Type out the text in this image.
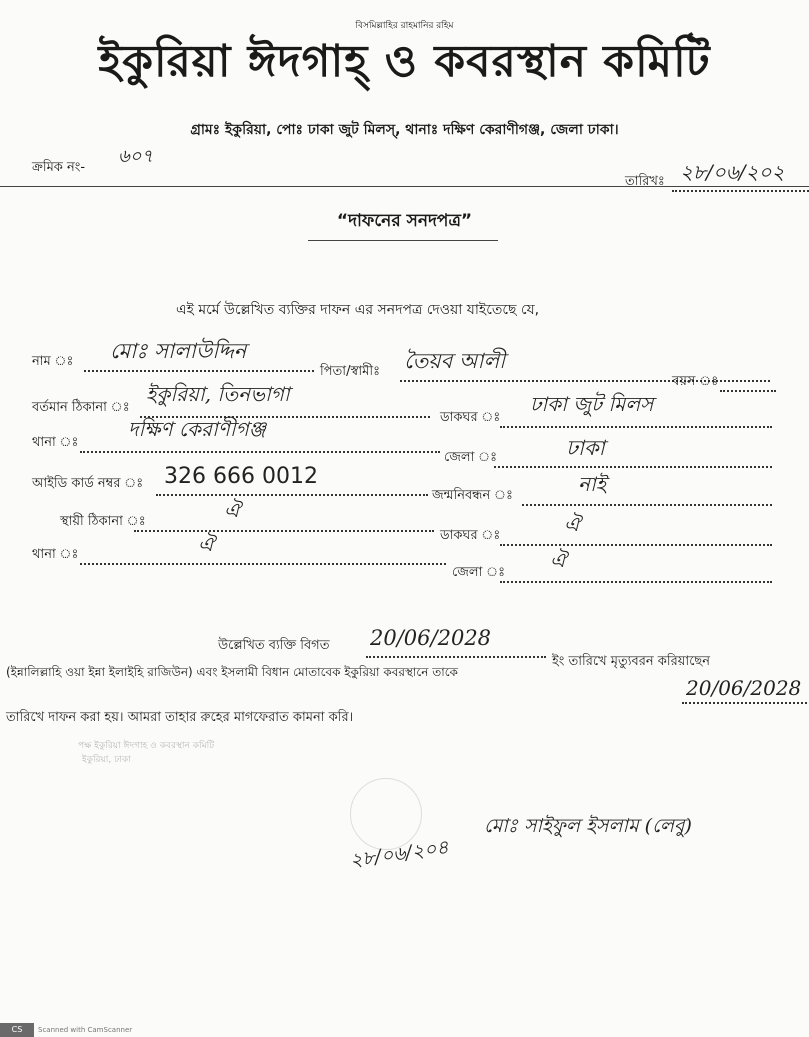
বিসমিল্লাহির রাহমানির রহিম
ইকুরিয়া ঈদগাহ্ ও কবরস্থান কমিটি
গ্রামঃ ইকুরিয়া, পোঃ ঢাকা জুট মিলস্, থানাঃ দক্ষিণ কেরাণীগঞ্জ, জেলা ঢাকা।
ক্রমিক নং-
৬০৭
তারিখঃ ২৮/০৬/২০২
“দাফনের সনদপত্র”
এই মর্মে উল্লেখিত ব্যক্তির দাফন এর সনদপত্র দেওয়া যাইতেছে যে,
নাম ঃ মোঃ সালাউদ্দিন
পিতা/স্বামীঃ তৈয়ব আলী
বয়স ঃ
বর্তমান ঠিকানা ঃ
ইকুরিয়া, তিনভাগা
ডাকঘর ঃ
ঢাকা জুট মিলস
থানা ঃ
দক্ষিণ কেরাণীগঞ্জ
জেলা ঃ	ঢাকা
আইডি কার্ড নম্বর ঃ 326 666 0012
জন্মনিবন্ধন ঃ	নাই
স্থায়ী ঠিকানা ঃ	ঐ
ডাকঘর ঃ	ঐ
থানা ঃ	ঐ
জেলা ঃ
ঐ
উল্লেখিত ব্যক্তি বিগত 20/06/2028
ইং তারিখে মৃত্যুবরন করিয়াছেন
(ইন্নালিল্লাহি ওয়া ইন্না ইলাইহি রাজিউন) এবং ইসলামী বিধান মোতাবেক ইকুরিয়া কবরস্থানে তাকে
20/06/2028
তারিখে দাফন করা হয়। আমরা তাহার রুহের মাগফেরাত কামনা করি।
পক্ষ ইকুরিয়া ঈদগাহ ও কবরস্থান কমিটি
ইকুরিয়া, ঢাকা
২৮/০৬/২০৪
মোঃ সাইফুল ইসলাম (লেবু)
CS	Scanned with CamScanner
